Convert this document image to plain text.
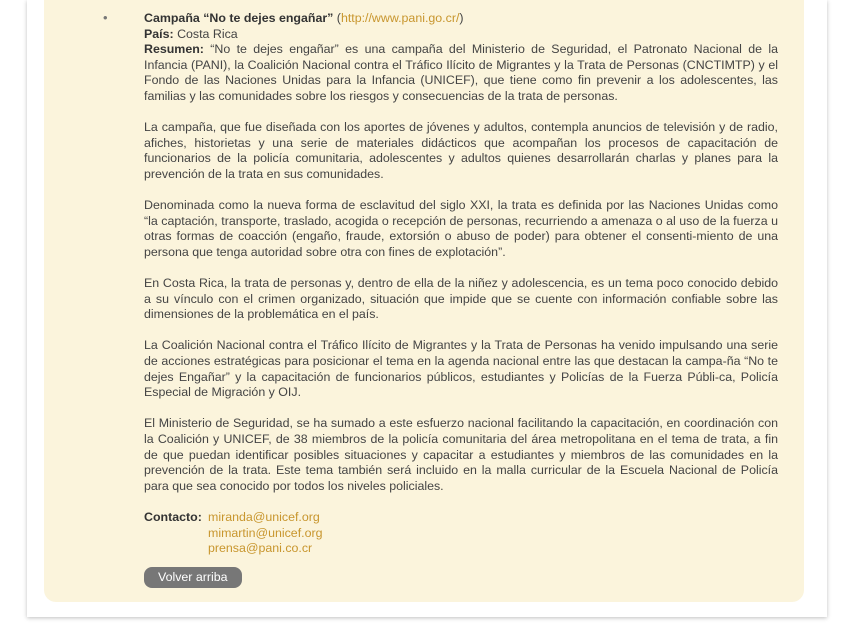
•	Campaña “No te dejes engañar” (http://www.pani.go.cr/)
País: Costa Rica

Resumen: “No te dejes engañar” es una campaña del Ministerio de Seguridad, el Patronato Nacional de la Infancia (PANI), la Coalición Nacional contra el Tráfico Ilícito de Migrantes y la Trata de Personas (CNCTIMTP) y el Fondo de las Naciones Unidas para la Infancia (UNICEF), que tiene como fin prevenir a los adolescentes, las familias y las comunidades sobre los riesgos y consecuencias de la trata de personas.

La campaña, que fue diseñada con los aportes de jóvenes y adultos, contempla anuncios de televisión y de radio, afiches, historietas y una serie de materiales didácticos que acompañan los procesos de capacitación de funcionarios de la policía comunitaria, adolescentes y adultos quienes desarrollarán charlas y planes para la prevención de la trata en sus comunidades.

Denominada como la nueva forma de esclavitud del siglo XXI, la trata es definida por las Naciones Unidas como “la captación, transporte, traslado, acogida o recepción de personas, recurriendo a amenaza o al uso de la fuerza u otras formas de coacción (engaño, fraude, extorsión o abuso de poder) para obtener el consenti-miento de una persona que tenga autoridad sobre otra con fines de explotación”.

En Costa Rica, la trata de personas y, dentro de ella de la niñez y adolescencia, es un tema poco conocido debido a su vínculo con el crimen organizado, situación que impide que se cuente con información confiable sobre las dimensiones de la problemática en el país.

La Coalición Nacional contra el Tráfico Ilícito de Migrantes y la Trata de Personas ha venido impulsando una serie de acciones estratégicas para posicionar el tema en la agenda nacional entre las que destacan la campa-ña “No te dejes Engañar” y la capacitación de funcionarios públicos, estudiantes y Policías de la Fuerza Públi-ca, Policía Especial de Migración y OIJ.

El Ministerio de Seguridad, se ha sumado a este esfuerzo nacional facilitando la capacitación, en coordinación con la Coalición y UNICEF, de 38 miembros de la policía comunitaria del área metropolitana en el tema de trata, a fin de que puedan identificar posibles situaciones y capacitar a estudiantes y miembros de las comunidades en la prevención de la trata. Este tema también será incluido en la malla curricular de la Escuela Nacional de Policía para que sea conocido por todos los niveles policiales.

Contacto: miranda@unicef.org
mimartin@unicef.org
prensa@pani.co.cr
Volver arriba
